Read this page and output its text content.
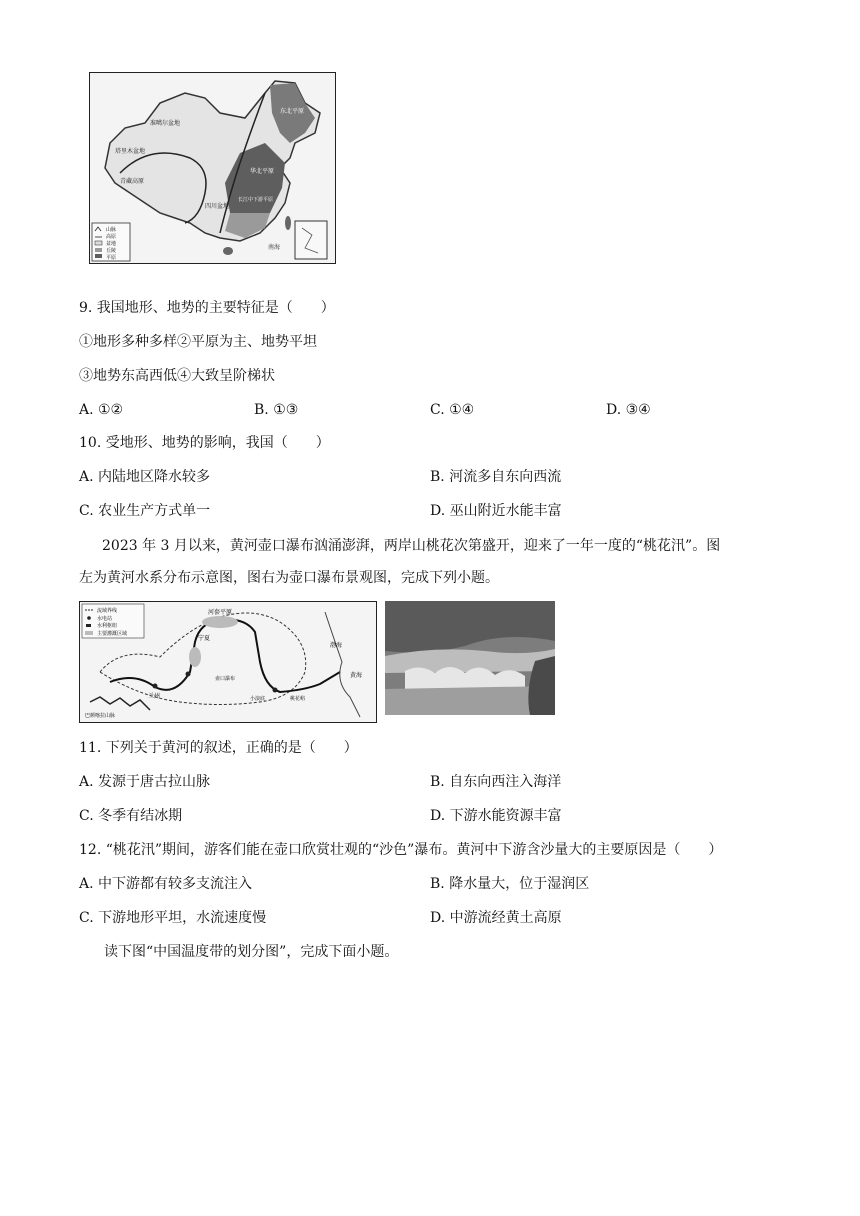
准噶尔盆地
塔里木盆地
青藏高原
四川盆地
东北平原
华北平原
长江中下游平原
南海
山脉
高原
盆地
丘陵
平原
9. 我国地形、地势的主要特征是（　　）
①地形多种多样②平原为主、地势平坦
③地势东高西低④大致呈阶梯状
A. ①②	B. ①③	C. ①④	D. ③④
10. 受地形、地势的影响，我国（　　）
A. 内陆地区降水较多	B. 河流多自东向西流
C. 农业生产方式单一	D. 巫山附近水能丰富
2023 年 3 月以来，黄河壶口瀑布汹涌澎湃，两岸山桃花次第盛开，迎来了一年一度的“桃花汛”。图
左为黄河水系分布示意图，图右为壶口瀑布景观图，完成下列小题。
流域界线
水电站
水利枢纽
主要灌溉区域
河套平原
宁夏
兰州
壶口瀑布
小浪底	桃花峪
渤海
黄海
巴颜喀拉山脉
11. 下列关于黄河的叙述，正确的是（　　）
A. 发源于唐古拉山脉	B. 自东向西注入海洋
C. 冬季有结冰期	D. 下游水能资源丰富
12. “桃花汛”期间，游客们能在壶口欣赏壮观的“沙色”瀑布。黄河中下游含沙量大的主要原因是（　　）
A. 中下游都有较多支流注入	B. 降水量大，位于湿润区
C. 下游地形平坦，水流速度慢	D. 中游流经黄土高原
读下图“中国温度带的划分图”，完成下面小题。
